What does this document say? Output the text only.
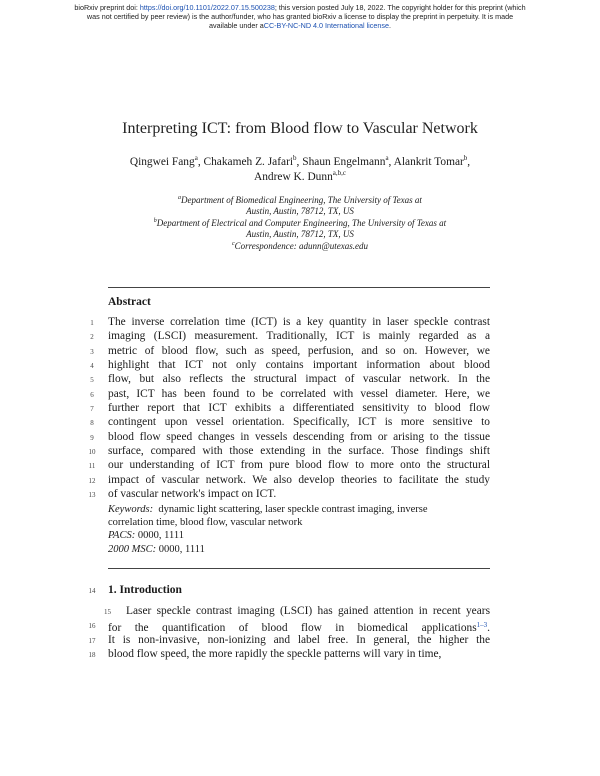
bioRxiv preprint doi: https://doi.org/10.1101/2022.07.15.500238; this version posted July 18, 2022. The copyright holder for this preprint (which
was not certified by peer review) is the author/funder, who has granted bioRxiv a license to display the preprint in perpetuity. It is made
available under aCC-BY-NC-ND 4.0 International license.
Interpreting ICT: from Blood flow to Vascular Network
Qingwei Fang$^a$, Chakameh Z. Jafari$^b$, Shaun Engelmann$^a$, Alankrit Tomar$^b$,
Andrew K. Dunn$^{a,b,c}$
$^a$Department of Biomedical Engineering, The University of Texas at
Austin, Austin, 78712, TX, US
$^b$Department of Electrical and Computer Engineering, The University of Texas at
Austin, Austin, 78712, TX, US
$^c$Correspondence: adunn@utexas.edu
Abstract
1	The inverse correlation time (ICT) is a key quantity in laser speckle contrast
2	imaging (LSCI) measurement. Traditionally, ICT is mainly regarded as a
3	metric of blood flow, such as speed, perfusion, and so on. However, we
4	highlight that ICT not only contains important information about blood
5	flow, but also reflects the structural impact of vascular network. In the
6	past, ICT has been found to be correlated with vessel diameter. Here, we
7	further report that ICT exhibits a differentiated sensitivity to blood flow
8	contingent upon vessel orientation. Specifically, ICT is more sensitive to
9	blood flow speed changes in vessels descending from or arising to the tissue
10 surface, compared with those extending in the surface. Those findings shift
11 our understanding of ICT from pure blood flow to more onto the structural
12 impact of vascular network. We also develop theories to facilitate the study
13 of vascular network's impact on ICT.
Keywords: dynamic light scattering, laser speckle contrast imaging, inverse
correlation time, blood flow, vascular network
PACS: 0000, 1111
2000 MSC: 0000, 1111
14 1. Introduction
15	Laser speckle contrast imaging (LSCI) has gained attention in recent years
16 for the quantification of blood flow in biomedical applications$^{1-3}$.
17 It is non-invasive, non-ionizing and label free. In general, the higher the
18 blood flow speed, the more rapidly the speckle patterns will vary in time,
